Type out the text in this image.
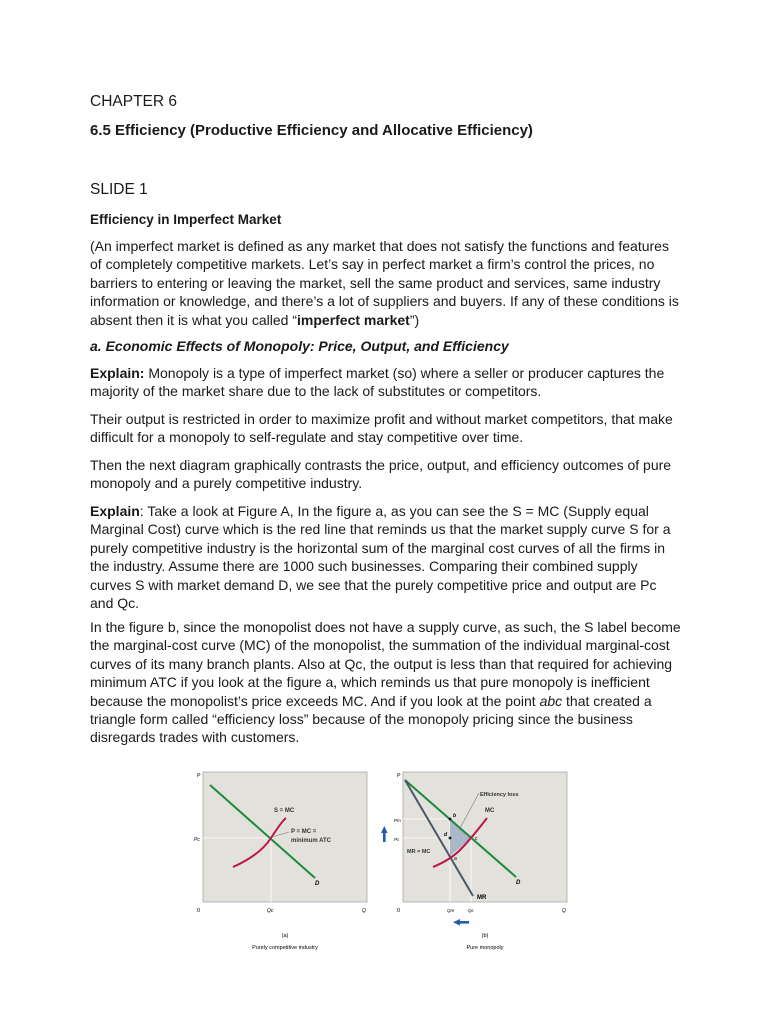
CHAPTER 6
6.5 Efficiency (Productive Efficiency and Allocative Efficiency)
SLIDE 1
Efficiency in Imperfect Market

(An imperfect market is defined as any market that does not satisfy the functions and features of completely competitive markets. Let’s say in perfect market a firm’s control the prices, no barriers to entering or leaving the market, sell the same product and services, same industry information or knowledge, and there’s a lot of suppliers and buyers. If any of these conditions is absent then it is what you called “imperfect market”)

a. Economic Effects of Monopoly: Price, Output, and Efficiency

Explain: Monopoly is a type of imperfect market (so) where a seller or producer captures the majority of the market share due to the lack of substitutes or competitors.

Their output is restricted in order to maximize profit and without market competitors, that make difficult for a monopoly to self-regulate and stay competitive over time.

Then the next diagram graphically contrasts the price, output, and efficiency outcomes of pure monopoly and a purely competitive industry.

Explain: Take a look at Figure A, In the figure a, as you can see the S = MC (Supply equal Marginal Cost) curve which is the red line that reminds us that the market supply curve S for a purely competitive industry is the horizontal sum of the marginal cost curves of all the firms in the industry. Assume there are 1000 such businesses. Comparing their combined supply curves S with market demand D, we see that the purely competitive price and output are Pc and Qc.

In the figure b, since the monopolist does not have a supply curve, as such, the S label become the marginal-cost curve (MC) of the monopolist, the summation of the individual marginal-cost curves of its many branch plants. Also at Qc, the output is less than that required for achieving minimum ATC if you look at the figure a, which reminds us that pure monopoly is inefficient because the monopolist’s price exceeds MC. And if you look at the point abc that created a triangle form called “efficiency loss” because of the monopoly pricing since the business disregards trades with customers.

P
Pc
S = MC
P = MC =
minimum ATC
D
0	Qc	Q
(a)
Purely competitive industry
P
Pm
Pc
Efficiency loss
MC
MR = MC
b
d
c
a
D
MR
0	Qm	Qc	Q
(b)
Pure monopoly
